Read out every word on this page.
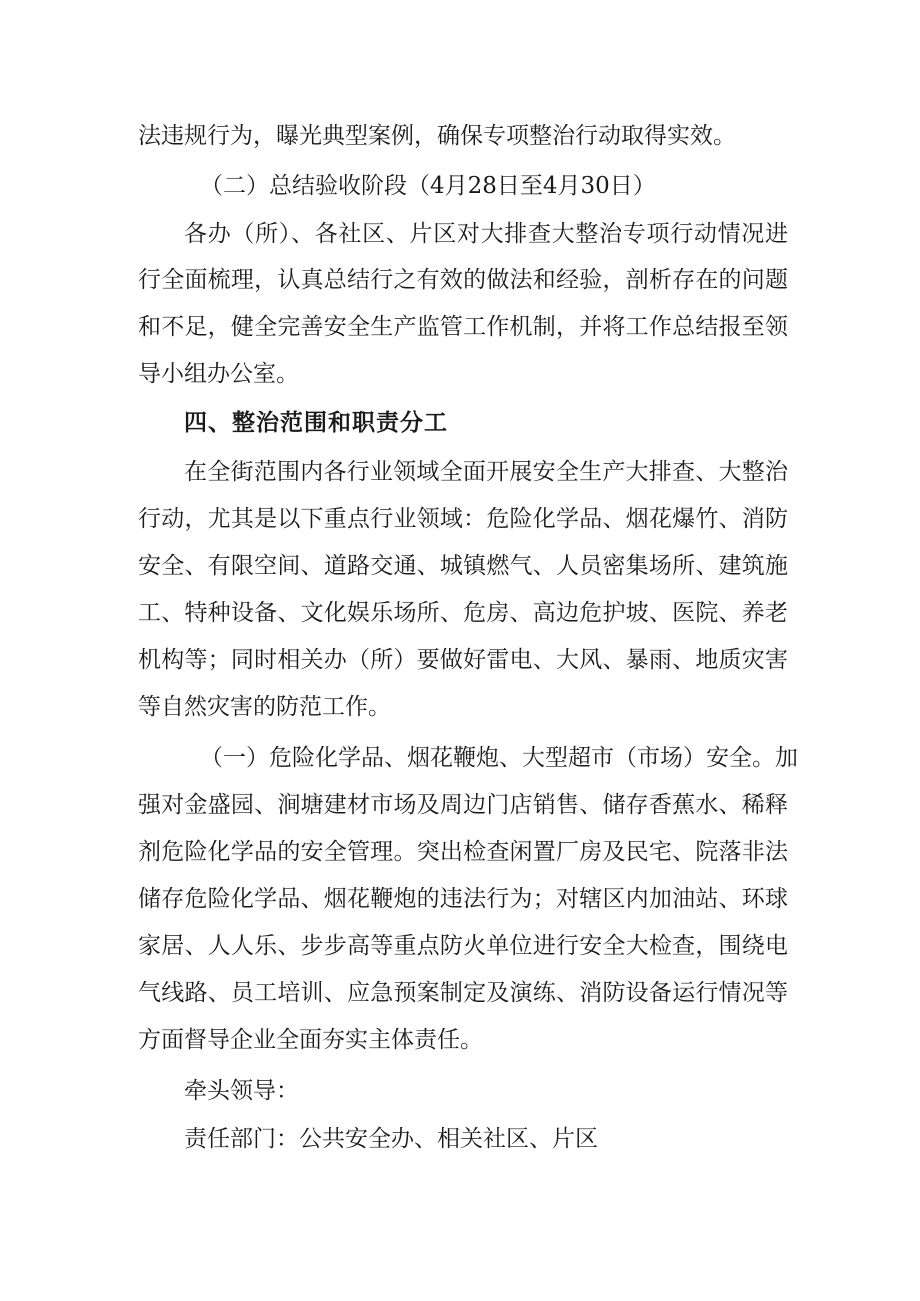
法违规行为，曝光典型案例，确保专项整治行动取得实效。
（二）总结验收阶段（4月28日至4月30日）
各办（所）、各社区、片区对大排查大整治专项行动情况进
行全面梳理，认真总结行之有效的做法和经验，剖析存在的问题
和不足，健全完善安全生产监管工作机制，并将工作总结报至领
导小组办公室。
四、整治范围和职责分工
在全街范围内各行业领域全面开展安全生产大排查、大整治
行动，尤其是以下重点行业领域：危险化学品、烟花爆竹、消防
安全、有限空间、道路交通、城镇燃气、人员密集场所、建筑施
工、特种设备、文化娱乐场所、危房、高边危护坡、医院、养老
机构等；同时相关办（所）要做好雷电、大风、暴雨、地质灾害
等自然灾害的防范工作。
（一）危险化学品、烟花鞭炮、大型超市（市场）安全。加
强对金盛园、涧塘建材市场及周边门店销售、储存香蕉水、稀释
剂危险化学品的安全管理。突出检查闲置厂房及民宅、院落非法
储存危险化学品、烟花鞭炮的违法行为；对辖区内加油站、环球
家居、人人乐、步步高等重点防火单位进行安全大检查，围绕电
气线路、员工培训、应急预案制定及演练、消防设备运行情况等
方面督导企业全面夯实主体责任。
牵头领导：
责任部门：公共安全办、相关社区、片区
